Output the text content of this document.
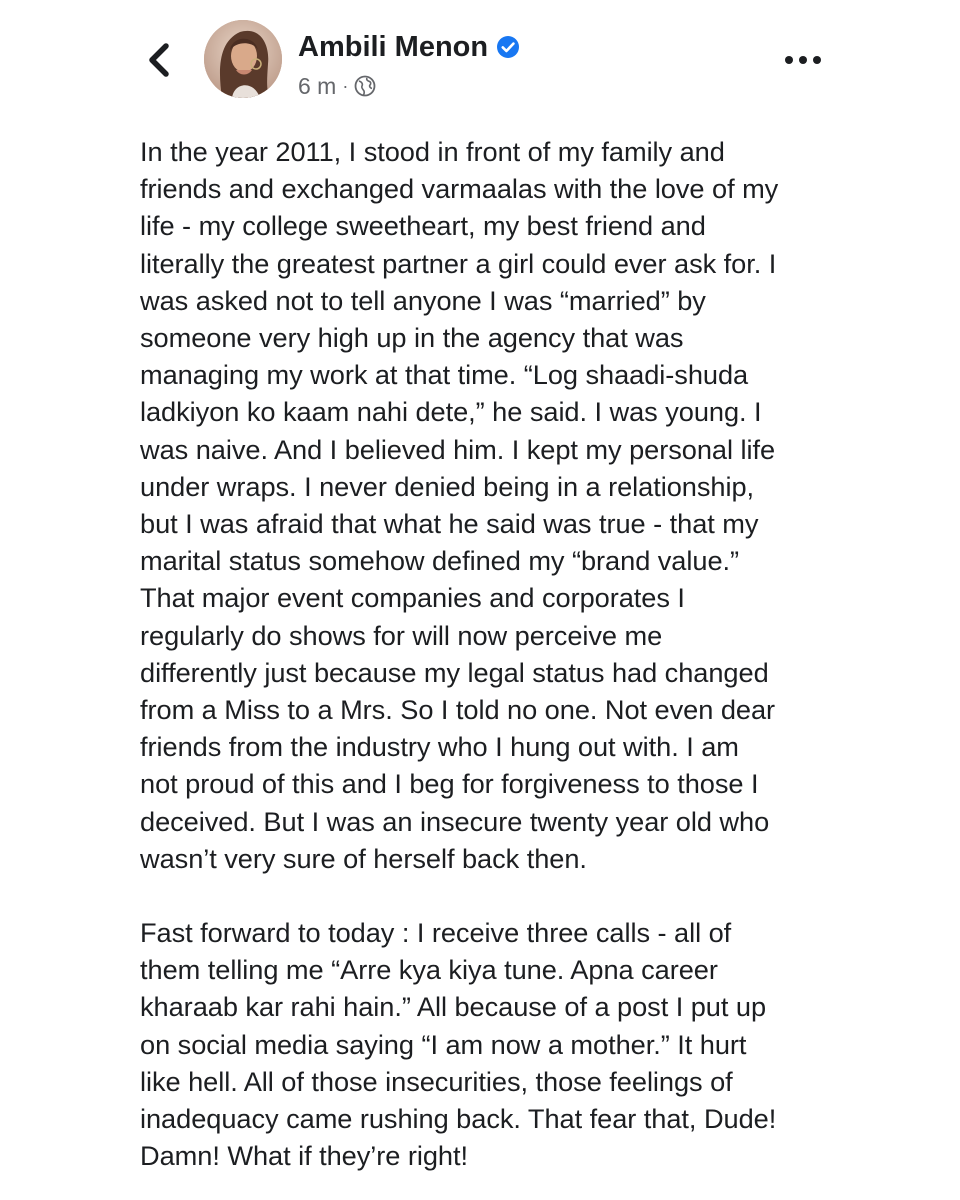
Ambili Menon
6 m ·

In the year 2011, I stood in front of my family and
friends and exchanged varmaalas with the love of my
life - my college sweetheart, my best friend and
literally the greatest partner a girl could ever ask for. I
was asked not to tell anyone I was “married” by
someone very high up in the agency that was
managing my work at that time. “Log shaadi-shuda
ladkiyon ko kaam nahi dete,” he said. I was young. I
was naive. And I believed him. I kept my personal life
under wraps. I never denied being in a relationship,
but I was afraid that what he said was true - that my
marital status somehow defined my “brand value.”
That major event companies and corporates I
regularly do shows for will now perceive me
differently just because my legal status had changed
from a Miss to a Mrs. So I told no one. Not even dear
friends from the industry who I hung out with. I am
not proud of this and I beg for forgiveness to those I
deceived. But I was an insecure twenty year old who
wasn’t very sure of herself back then.

Fast forward to today : I receive three calls - all of
them telling me “Arre kya kiya tune. Apna career
kharaab kar rahi hain.” All because of a post I put up
on social media saying “I am now a mother.” It hurt
like hell. All of those insecurities, those feelings of
inadequacy came rushing back. That fear that, Dude!
Damn! What if they’re right!
